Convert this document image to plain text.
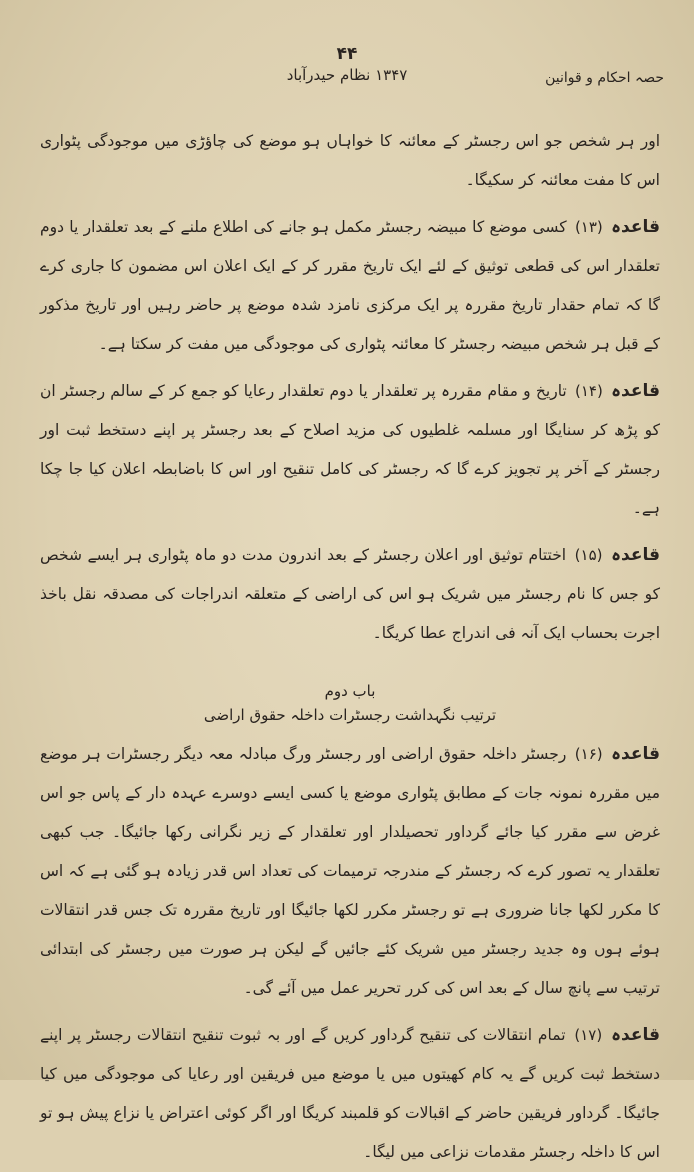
۴۴
۱۳۴۷ نظام حیدرآباد	حصہ احکام و قوانین

اور ہر شخص جو اس رجسٹر کے معائنہ کا خواہاں ہو موضع کی چاؤڑی میں موجودگی پٹواری اس کا مفت معائنہ کر سکیگا۔

قاعدہ (۱۳) کسی موضع کا مبیضہ رجسٹر مکمل ہو جانے کی اطلاع ملنے کے بعد تعلقدار یا دوم تعلقدار اس کی قطعی توثیق کے لئے ایک تاریخ مقرر کر کے ایک اعلان اس مضمون کا جاری کرے گا کہ تمام حقدار تاریخ مقررہ پر ایک مرکزی نامزد شدہ موضع پر حاضر رہیں اور تاریخ مذکور کے قبل ہر شخص مبیضہ رجسٹر کا معائنہ پٹواری کی موجودگی میں مفت کر سکتا ہے۔

قاعدہ (۱۴) تاریخ و مقام مقررہ پر تعلقدار یا دوم تعلقدار رعایا کو جمع کر کے سالم رجسٹر ان کو پڑھ کر سنایگا اور مسلمہ غلطیوں کی مزید اصلاح کے بعد رجسٹر پر اپنے دستخط ثبت اور رجسٹر کے آخر پر تجویز کرے گا کہ رجسٹر کی کامل تنقیح اور اس کا باضابطہ اعلان کیا جا چکا ہے۔

قاعدہ (۱۵) اختتام توثیق اور اعلان رجسٹر کے بعد اندرون مدت دو ماہ پٹواری ہر ایسے شخص کو جس کا نام رجسٹر میں شریک ہو اس کی اراضی کے متعلقہ اندراجات کی مصدقہ نقل باخذ اجرت بحساب ایک آنہ فی اندراج عطا کریگا۔

باب دوم
ترتیب نگہداشت رجسٹرات داخلہ حقوق اراضی

قاعدہ (۱۶) رجسٹر داخلہ حقوق اراضی اور رجسٹر ورگ مبادلہ معہ دیگر رجسٹرات ہر موضع میں مقررہ نمونہ جات کے مطابق پٹواری موضع یا کسی ایسے دوسرے عہدہ دار کے پاس جو اس غرض سے مقرر کیا جائے گرداور تحصیلدار اور تعلقدار کے زیر نگرانی رکھا جائیگا۔ جب کبھی تعلقدار یہ تصور کرے کہ رجسٹر کے مندرجہ ترمیمات کی تعداد اس قدر زیادہ ہو گئی ہے کہ اس کا مکرر لکھا جانا ضروری ہے تو رجسٹر مکرر لکھا جائیگا اور تاریخ مقررہ تک جس قدر انتقالات ہوئے ہوں وہ جدید رجسٹر میں شریک کئے جائیں گے لیکن ہر صورت میں رجسٹر کی ابتدائی ترتیب سے پانچ سال کے بعد اس کی کرر تحریر عمل میں آئے گی۔

قاعدہ (۱۷) تمام انتقالات کی تنقیح گرداور کریں گے اور بہ ثبوت تنقیح انتقالات رجسٹر پر اپنے دستخط ثبت کریں گے یہ کام کھیتوں میں یا موضع میں فریقین اور رعایا کی موجودگی میں کیا جائیگا۔ گرداور فریقین حاضر کے اقبالات کو قلمبند کریگا اور اگر کوئی اعتراض یا نزاع پیش ہو تو اس کا داخلہ رجسٹر مقدمات نزاعی میں لیگا۔
